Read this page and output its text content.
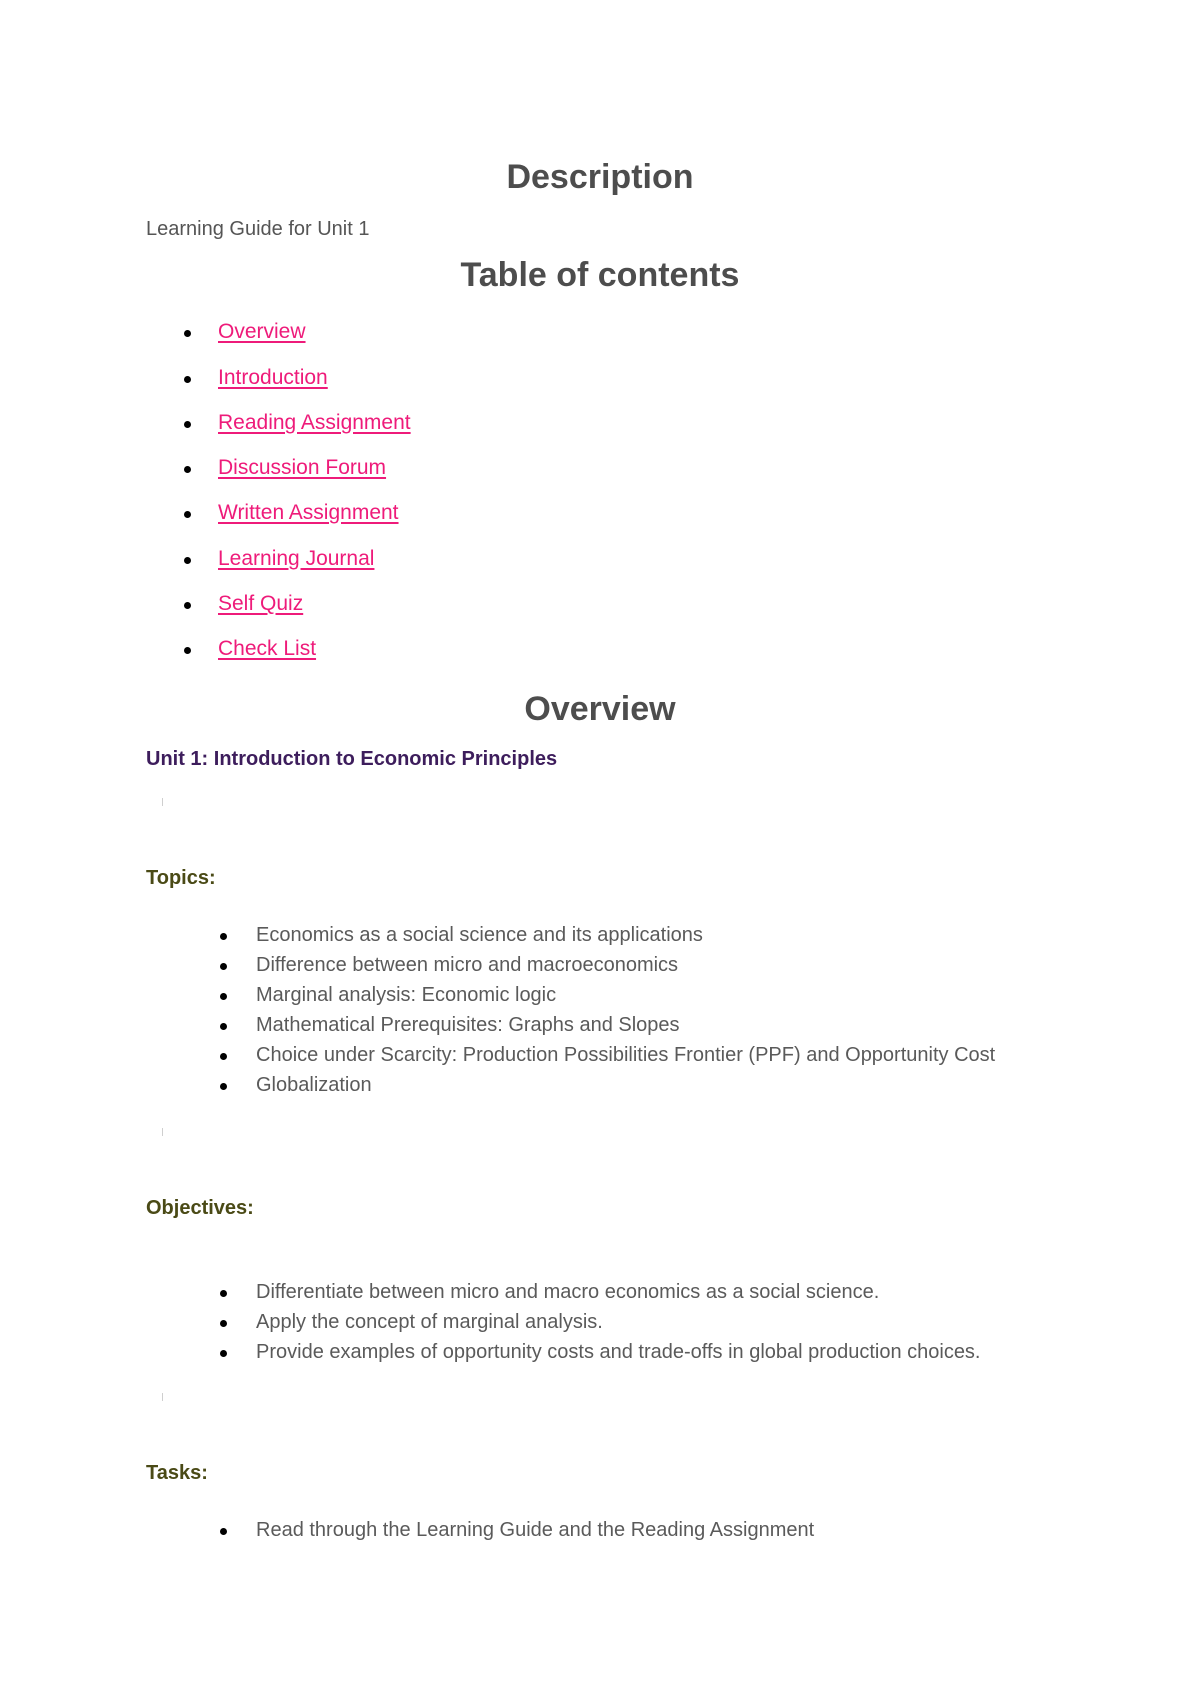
Description
Learning Guide for Unit 1
Table of contents
Overview
Introduction
Reading Assignment
Discussion Forum
Written Assignment
Learning Journal
Self Quiz
Check List
Overview
Unit 1: Introduction to Economic Principles
Topics:
Economics as a social science and its applications
Difference between micro and macroeconomics
Marginal analysis: Economic logic
Mathematical Prerequisites: Graphs and Slopes
Choice under Scarcity: Production Possibilities Frontier (PPF) and Opportunity Cost
Globalization
Objectives:
Differentiate between micro and macro economics as a social science.
Apply the concept of marginal analysis.
Provide examples of opportunity costs and trade-offs in global production choices.
Tasks:
Read through the Learning Guide and the Reading Assignment
